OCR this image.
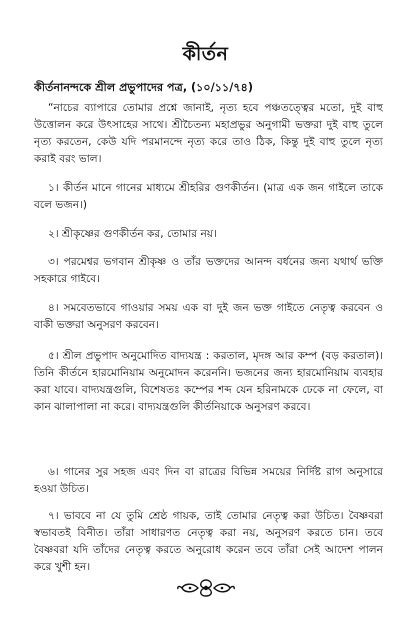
কীর্তন
কীর্তনানন্দকে শ্রীল প্রভুপাদের পত্র, (১০/১১/৭৪)

“নাচের ব্যাপারে তোমার প্রশ্নে জানাই, নৃত্য হবে পঞ্চতত্ত্বের মতো, দুই বাহু উত্তোলন করে উৎসাহের সাথে। শ্রীচৈতন্য মহাপ্রভুর অনুগামী ভক্তরা দুই বাহু তুলে নৃত্য করতেন, কেউ যদি পরমানন্দে নৃত্য করে তাও ঠিক, কিন্তু দুই বাহু তুলে নৃত্য করাই বরং ভাল।

১। কীর্তন মানে গানের মাধ্যমে শ্রীহরির গুণকীর্তন। (মাত্র এক জন গাইলে তাকে বলে ভজন।)

২। শ্রীকৃষ্ণের গুণকীর্তন কর, তোমার নয়।

৩। পরমেশ্বর ভগবান শ্রীকৃষ্ণ ও তাঁর ভক্তদের আনন্দ বর্ধনের জন্য যথার্থ ভক্তি সহকারে গাইবে।

৪। সমবেতভাবে গাওয়ার সময় এক বা দুই জন ভক্ত গাইতে নেতৃত্ব করবেন ও বাকী ভক্তরা অনুসরণ করবেন।

৫। শ্রীল প্রভুপাদ অনুমোদিত বাদ্যযন্ত্র : করতাল, মৃদঙ্গ আর কম্প (বড় করতাল)। তিনি কীর্তনে হারমোনিয়াম অনুমোদন করেননি। ভজনের জন্য হারমোনিয়াম ব্যবহার করা যাবে। বাদ্যযন্ত্রগুলি, বিশেষতঃ কম্পের শব্দ যেন হরিনামকে ঢেকে না ফেলে, বা কান ঝালাপালা না করে। বাদ্যযন্ত্রগুলি কীর্তনিয়াকে অনুসরণ করবে।

৬। গানের সুর সহজ এবং দিন বা রাত্রের বিভিন্ন সময়ের নির্দিষ্ট রাগ অনুসারে হওয়া উচিত।

৭। ভাববে না যে তুমি শ্রেষ্ঠ গায়ক, তাই তোমার নেতৃত্ব করা উচিত। বৈষ্ণবরা স্বভাবতই বিনীত। তাঁরা সাধারণত নেতৃত্ব করা নয়, অনুসরণ করতে চান। তবে বৈষ্ণবরা যদি তাঁদের নেতৃত্ব করতে অনুরোধ করেন তবে তাঁরা সেই আদেশ পালন করে খুশী হন।
